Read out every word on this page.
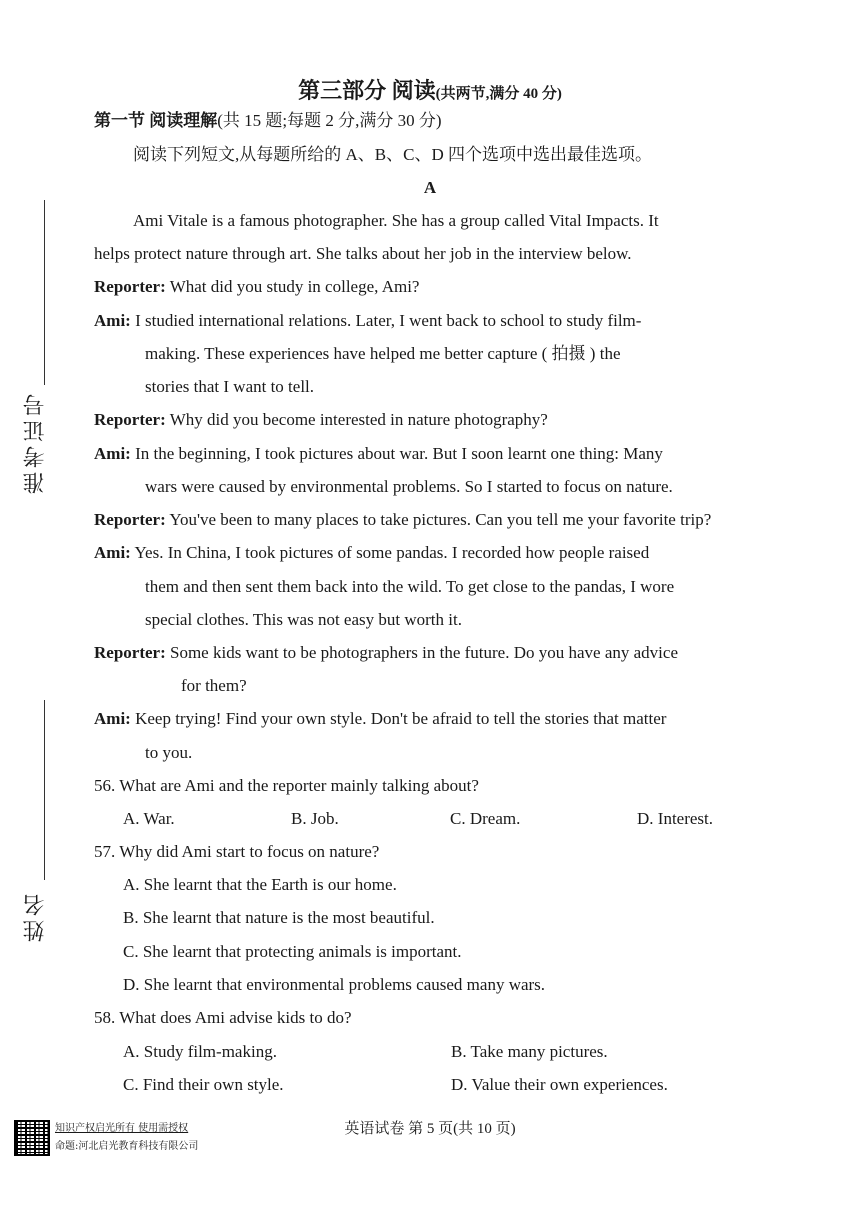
准考证号
姓名
第三部分 阅读(共两节,满分 40 分)
第一节 阅读理解(共 15 题;每题 2 分,满分 30 分)
阅读下列短文,从每题所给的 A、B、C、D 四个选项中选出最佳选项。
A
Ami Vitale is a famous photographer. She has a group called Vital Impacts. It
helps protect nature through art. She talks about her job in the interview below.
Reporter: What did you study in college, Ami?
Ami: I studied international relations. Later, I went back to school to study film-
making. These experiences have helped me better capture ( 拍摄 ) the
stories that I want to tell.
Reporter: Why did you become interested in nature photography?
Ami: In the beginning, I took pictures about war. But I soon learnt one thing: Many
wars were caused by environmental problems. So I started to focus on nature.
Reporter: You've been to many places to take pictures. Can you tell me your favorite trip?
Ami: Yes. In China, I took pictures of some pandas. I recorded how people raised
them and then sent them back into the wild. To get close to the pandas, I wore
special clothes. This was not easy but worth it.
Reporter: Some kids want to be photographers in the future. Do you have any advice
for them?
Ami: Keep trying! Find your own style. Don't be afraid to tell the stories that matter
to you.
56. What are Ami and the reporter mainly talking about?
A. War.	B. Job.	C. Dream.	D. Interest.
57. Why did Ami start to focus on nature?
A. She learnt that the Earth is our home.
B. She learnt that nature is the most beautiful.
C. She learnt that protecting animals is important.
D. She learnt that environmental problems caused many wars.
58. What does Ami advise kids to do?
A. Study film-making.	B. Take many pictures.
C. Find their own style.	D. Value their own experiences.
知识产权启光所有 使用需授权
命题:河北启光教育科技有限公司
英语试卷 第 5 页(共 10 页)
